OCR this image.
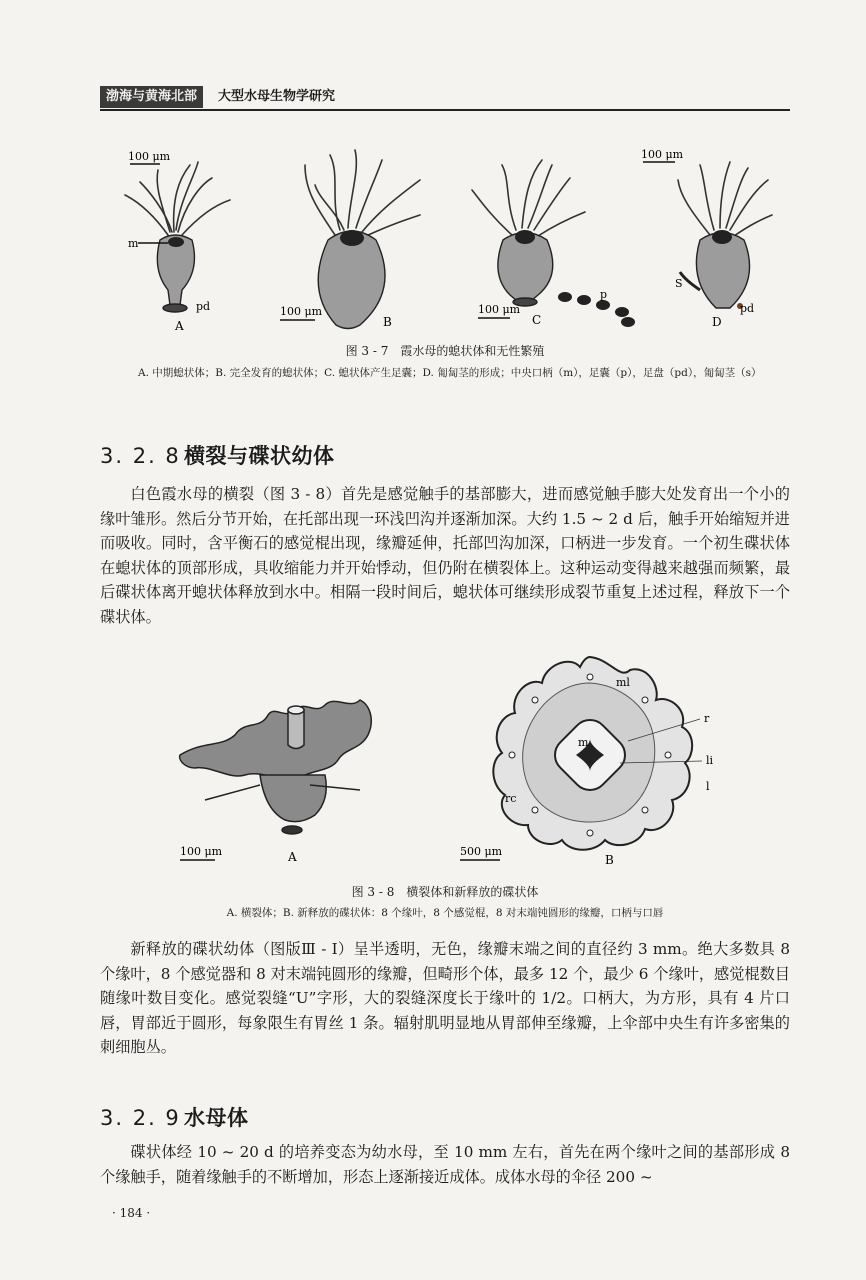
渤海与黄海北部	大型水母生物学研究
100 μm
100 μm	100 μm
100 μm
m
pd	pd
p
S
A	B	C	D
图 3 - 7　霞水母的螅状体和无性繁殖
A. 中期螅状体；B. 完全发育的螅状体；C. 螅状体产生足囊；D. 匍匐茎的形成；中央口柄（m），足囊（p），足盘（pd），匍匐茎（s）
3. 2. 8 横裂与碟状幼体
白色霞水母的横裂（图 3 - 8）首先是感觉触手的基部膨大，进而感觉触手膨大处发育出一个小的缘叶雏形。然后分节开始，在托部出现一环浅凹沟并逐渐加深。大约 1.5 ~ 2 d 后，触手开始缩短并进而吸收。同时，含平衡石的感觉棍出现，缘瓣延伸，托部凹沟加深，口柄进一步发育。一个初生碟状体在螅状体的顶部形成，具收缩能力并开始悸动，但仍附在横裂体上。这种运动变得越来越强而频繁，最后碟状体离开螅状体释放到水中。相隔一段时间后，螅状体可继续形成裂节重复上述过程，释放下一个碟状体。
100 μm	A
ml
r
m
li
l
rc
500 μm
B
图 3 - 8　横裂体和新释放的碟状体
A. 横裂体；B. 新释放的碟状体：8 个缘叶，8 个感觉棍，8 对末端钝圆形的缘瓣，口柄与口唇
新释放的碟状幼体（图版Ⅲ - Ⅰ）呈半透明，无色，缘瓣末端之间的直径约 3 mm。绝大多数具 8 个缘叶，8 个感觉器和 8 对末端钝圆形的缘瓣，但畸形个体，最多 12 个，最少 6 个缘叶，感觉棍数目随缘叶数目变化。感觉裂缝“U”字形，大的裂缝深度长于缘叶的 1/2。口柄大，为方形，具有 4 片口唇，胃部近于圆形，每象限生有胃丝 1 条。辐射肌明显地从胃部伸至缘瓣，上伞部中央生有许多密集的刺细胞丛。
3. 2. 9 水母体
碟状体经 10 ~ 20 d 的培养变态为幼水母，至 10 mm 左右，首先在两个缘叶之间的基部形成 8 个缘触手，随着缘触手的不断增加，形态上逐渐接近成体。成体水母的伞径 200 ~
· 184 ·
